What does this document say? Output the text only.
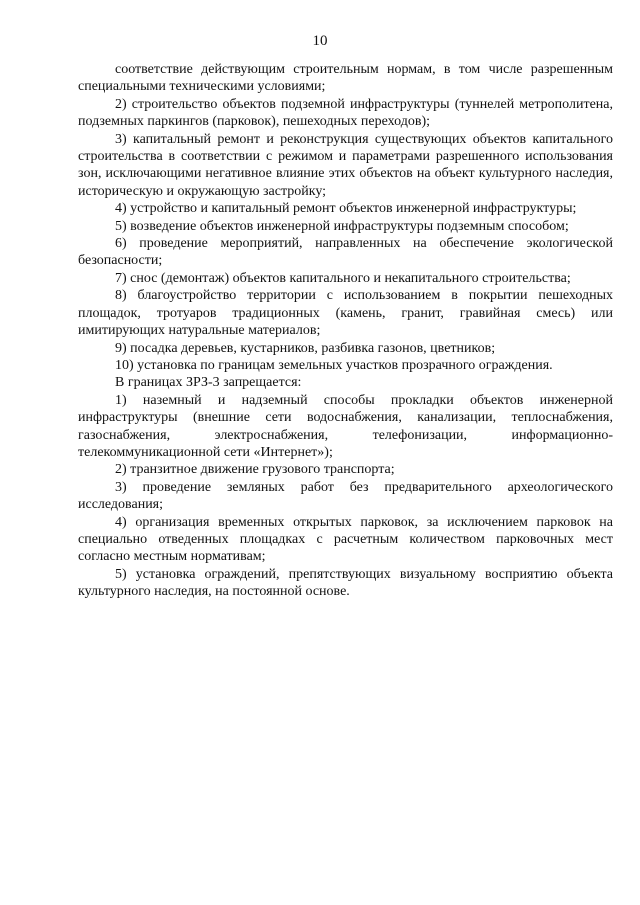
10

соответствие действующим строительным нормам, в том числе разрешенным специальными техническими условиями;

2) строительство объектов подземной инфраструктуры (туннелей метрополитена, подземных паркингов (парковок), пешеходных переходов);

3) капитальный ремонт и реконструкция существующих объектов капитального строительства в соответствии с режимом и параметрами разрешенного использования зон, исключающими негативное влияние этих объектов на объект культурного наследия, историческую и окружающую застройку;

4) устройство и капитальный ремонт объектов инженерной инфраструктуры;

5) возведение объектов инженерной инфраструктуры подземным способом;

6) проведение мероприятий, направленных на обеспечение экологической безопасности;

7) снос (демонтаж) объектов капитального и некапитального строительства;

8) благоустройство территории с использованием в покрытии пешеходных площадок, тротуаров традиционных (камень, гранит, гравийная смесь) или имитирующих натуральные материалов;

9) посадка деревьев, кустарников, разбивка газонов, цветников;

10) установка по границам земельных участков прозрачного ограждения.

В границах ЗРЗ-3 запрещается:

1) наземный и надземный способы прокладки объектов инженерной инфраструктуры (внешние сети водоснабжения, канализации, теплоснабжения, газоснабжения, электроснабжения, телефонизации, информационно-телекоммуникационной сети «Интернет»);

2) транзитное движение грузового транспорта;

3) проведение земляных работ без предварительного археологического исследования;

4) организация временных открытых парковок, за исключением парковок на специально отведенных площадках с расчетным количеством парковочных мест согласно местным нормативам;

5) установка ограждений, препятствующих визуальному восприятию объекта культурного наследия, на постоянной основе.
